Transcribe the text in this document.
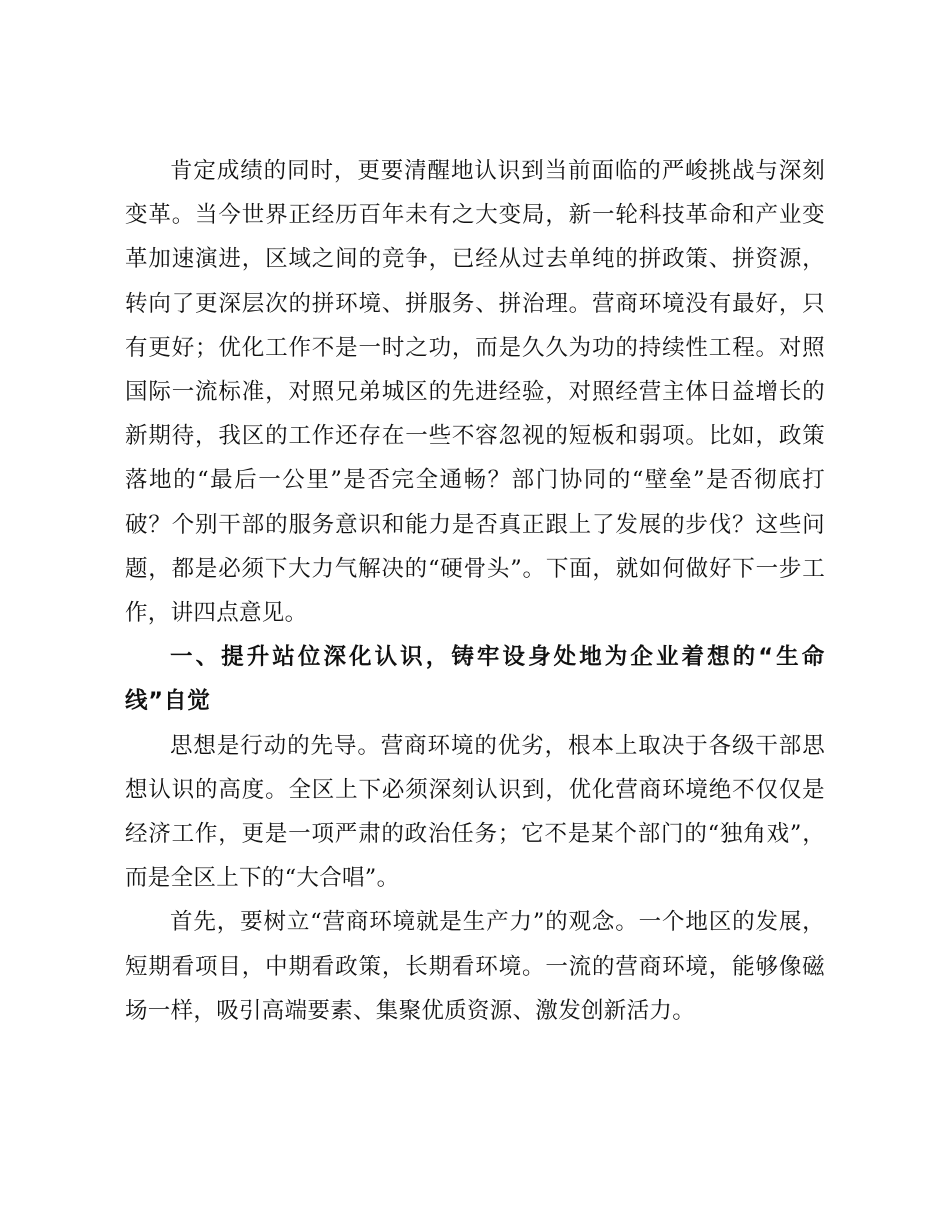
肯定成绩的同时，更要清醒地认识到当前面临的严峻挑战与深刻变革。当今世界正经历百年未有之大变局，新一轮科技革命和产业变革加速演进，区域之间的竞争，已经从过去单纯的拼政策、拼资源，转向了更深层次的拼环境、拼服务、拼治理。营商环境没有最好，只有更好；优化工作不是一时之功，而是久久为功的持续性工程。对照国际一流标准，对照兄弟城区的先进经验，对照经营主体日益增长的新期待，我区的工作还存在一些不容忽视的短板和弱项。比如，政策落地的“最后一公里”是否完全通畅？部门协同的“壁垒”是否彻底打破？个别干部的服务意识和能力是否真正跟上了发展的步伐？这些问题，都是必须下大力气解决的“硬骨头”。下面，就如何做好下一步工作，讲四点意见。

一、提升站位深化认识，铸牢设身处地为企业着想的“生命线”自觉

思想是行动的先导。营商环境的优劣，根本上取决于各级干部思想认识的高度。全区上下必须深刻认识到，优化营商环境绝不仅仅是经济工作，更是一项严肃的政治任务；它不是某个部门的“独角戏”，而是全区上下的“大合唱”。

首先，要树立“营商环境就是生产力”的观念。一个地区的发展，短期看项目，中期看政策，长期看环境。一流的营商环境，能够像磁场一样，吸引高端要素、集聚优质资源、激发创新活力。
